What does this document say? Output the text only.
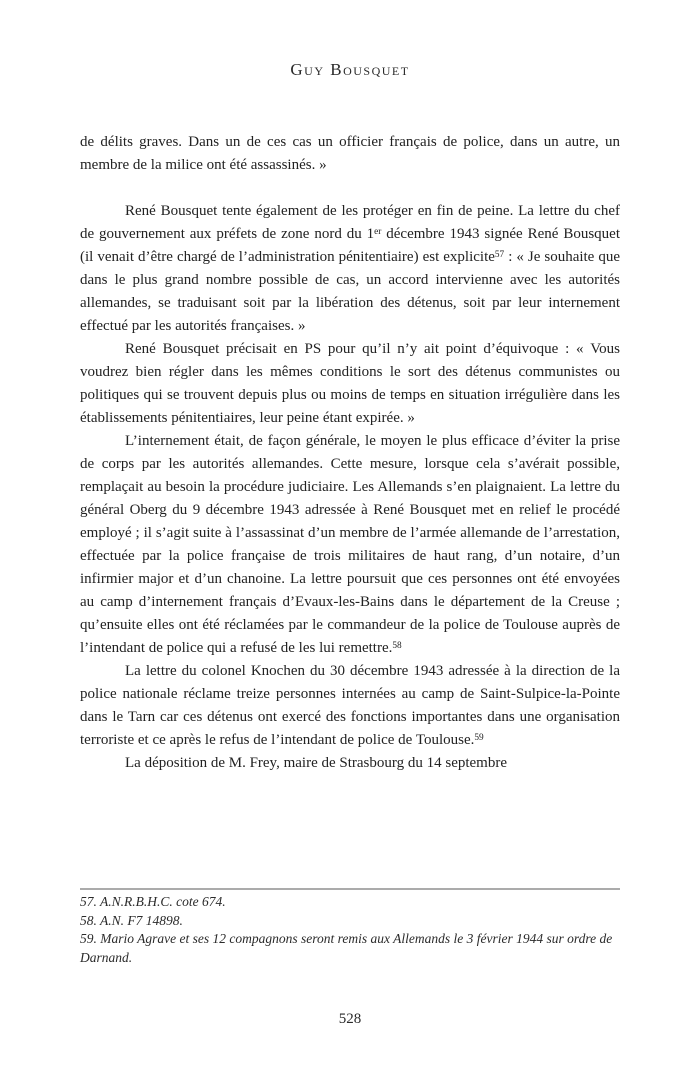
Guy Bousquet

de délits graves. Dans un de ces cas un officier français de police, dans un autre, un membre de la milice ont été assassinés. »

René Bousquet tente également de les protéger en fin de peine. La lettre du chef de gouvernement aux préfets de zone nord du 1er décembre 1943 signée René Bousquet (il venait d’être chargé de l’administration pénitentiaire) est explicite$^{57}$ : « Je souhaite que dans le plus grand nombre possible de cas, un accord intervienne avec les autorités allemandes, se traduisant soit par la libération des détenus, soit par leur internement effectué par les autorités françaises. »

René Bousquet précisait en PS pour qu’il n’y ait point d’équivoque : « Vous voudrez bien régler dans les mêmes conditions le sort des détenus communistes ou politiques qui se trouvent depuis plus ou moins de temps en situation irrégulière dans les établissements pénitentiaires, leur peine étant expirée. »

L’internement était, de façon générale, le moyen le plus efficace d’éviter la prise de corps par les autorités allemandes. Cette mesure, lorsque cela s’avérait possible, remplaçait au besoin la procédure judiciaire. Les Allemands s’en plaignaient. La lettre du général Oberg du 9 décembre 1943 adressée à René Bousquet met en relief le procédé employé ; il s’agit suite à l’assassinat d’un membre de l’armée allemande de l’arrestation, effectuée par la police française de trois militaires de haut rang, d’un notaire, d’un infirmier major et d’un chanoine. La lettre poursuit que ces personnes ont été envoyées au camp d’internement français d’Evaux-les-Bains dans le département de la Creuse ; qu’ensuite elles ont été réclamées par le commandeur de la police de Toulouse auprès de l’intendant de police qui a refusé de les lui remettre.$^{58}$

La lettre du colonel Knochen du 30 décembre 1943 adressée à la direction de la police nationale réclame treize personnes internées au camp de Saint-Sulpice-la-Pointe dans le Tarn car ces détenus ont exercé des fonctions importantes dans une organisation terroriste et ce après le refus de l’intendant de police de Toulouse.$^{59}$

La déposition de M. Frey, maire de Strasbourg du 14 septembre

57. A.N.R.B.H.C. cote 674.

58. A.N. F7 14898.

59. Mario Agrave et ses 12 compagnons seront remis aux Allemands le 3 février 1944 sur ordre de Darnand.

528
